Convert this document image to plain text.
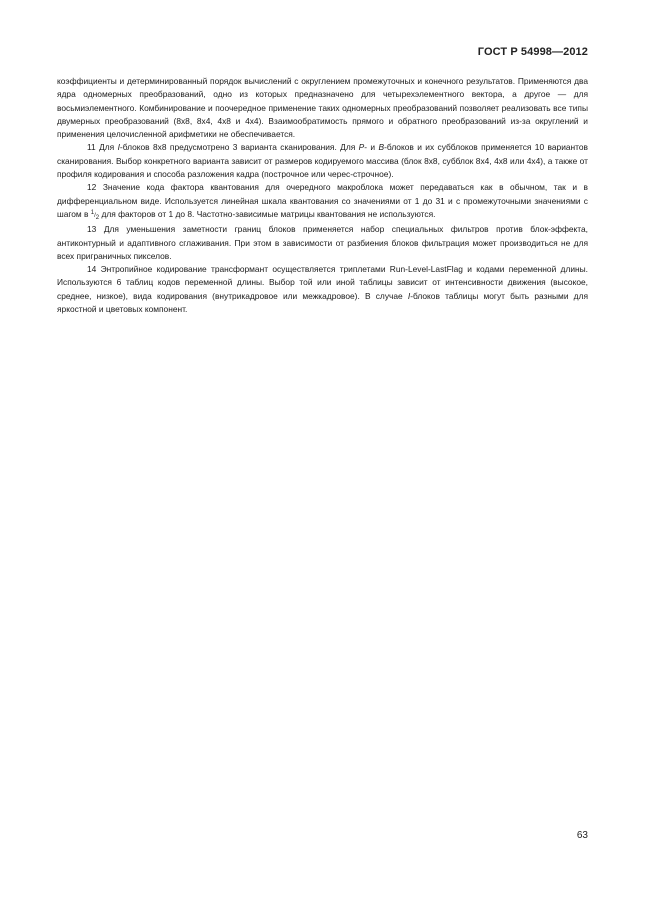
ГОСТ Р 54998—2012

коэффициенты и детерминированный порядок вычислений с округлением промежуточных и конечного результатов. Применяются два ядра одномерных преобразований, одно из которых предназначено для четырехэлементного вектора, а другое — для восьмиэлементного. Комбинирование и поочередное применение таких одномерных преобразований позволяет реализовать все типы двумерных преобразований (8х8, 8х4, 4х8 и 4х4). Взаимообратимость прямого и обратного преобразований из-за округлений и применения целочисленной арифметики не обеспечивается.

11 Для I-блоков 8х8 предусмотрено 3 варианта сканирования. Для P- и B-блоков и их субблоков применяется 10 вариантов сканирования. Выбор конкретного варианта зависит от размеров кодируемого массива (блок 8х8, субблок 8х4, 4х8 или 4х4), а также от профиля кодирования и способа разложения кадра (построчное или черес-строчное).

12 Значение кода фактора квантования для очередного макроблока может передаваться как в обычном, так и в дифференциальном виде. Используется линейная шкала квантования со значениями от 1 до 31 и с промежуточными значениями с шагом в $^1/_2$ для факторов от 1 до 8. Частотно-зависимые матрицы квантования не используются.

13 Для уменьшения заметности границ блоков применяется набор специальных фильтров против блок-эффекта, антиконтурный и адаптивного сглаживания. При этом в зависимости от разбиения блоков фильтрация может производиться не для всех приграничных пикселов.

14 Энтропийное кодирование трансформант осуществляется триплетами Run-Level-LastFlag и кодами переменной длины. Используются 6 таблиц кодов переменной длины. Выбор той или иной таблицы зависит от интенсивности движения (высокое, среднее, низкое), вида кодирования (внутрикадровое или межкадровое). В случае I-блоков таблицы могут быть разными для яркостной и цветовых компонент.

63
